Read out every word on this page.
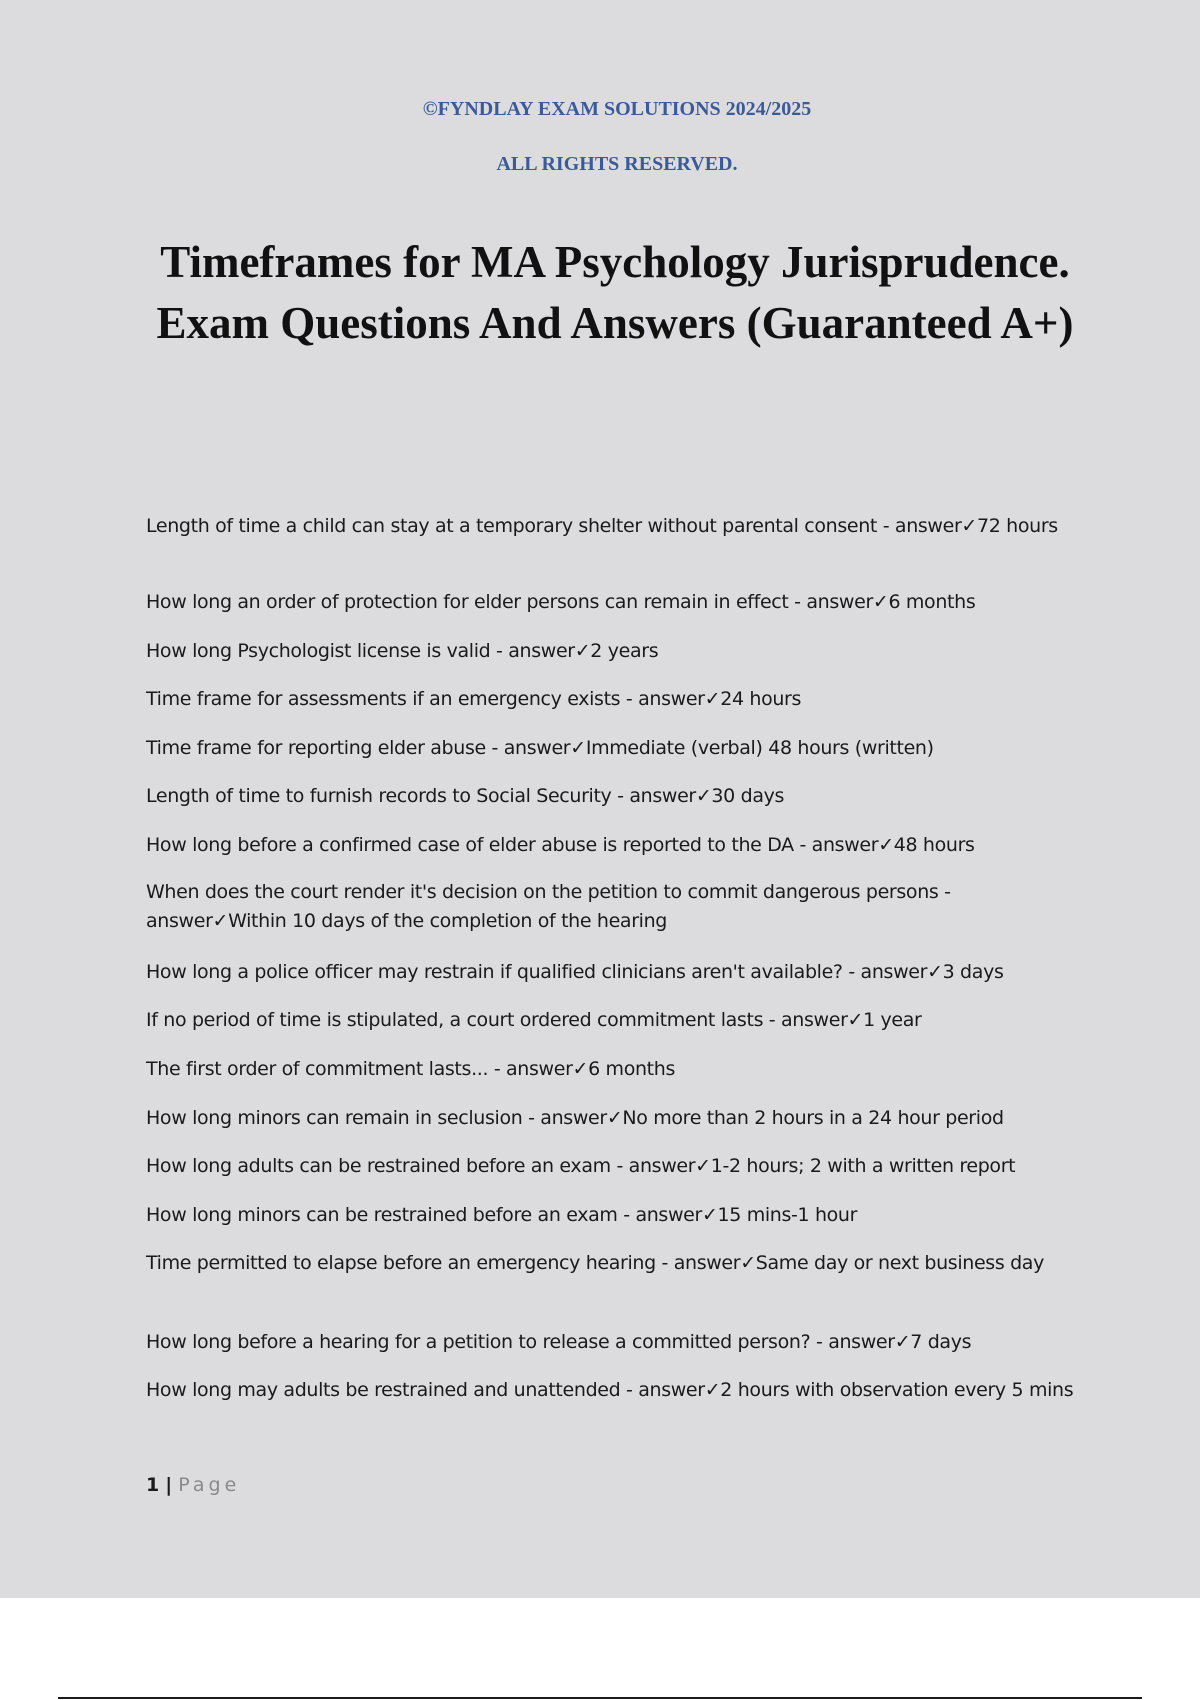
©FYNDLAY EXAM SOLUTIONS 2024/2025
ALL RIGHTS RESERVED.
Timeframes for MA Psychology Jurisprudence. Exam Questions And Answers (Guaranteed A+)
Length of time a child can stay at a temporary shelter without parental consent - answer✓72 hours
How long an order of protection for elder persons can remain in effect - answer✓6 months
How long Psychologist license is valid - answer✓2 years
Time frame for assessments if an emergency exists - answer✓24 hours
Time frame for reporting elder abuse - answer✓Immediate (verbal) 48 hours (written)
Length of time to furnish records to Social Security - answer✓30 days
How long before a confirmed case of elder abuse is reported to the DA - answer✓48 hours
When does the court render it's decision on the petition to commit dangerous persons - answer✓Within 10 days of the completion of the hearing
How long a police officer may restrain if qualified clinicians aren't available? - answer✓3 days
If no period of time is stipulated, a court ordered commitment lasts - answer✓1 year
The first order of commitment lasts... - answer✓6 months
How long minors can remain in seclusion - answer✓No more than 2 hours in a 24 hour period
How long adults can be restrained before an exam - answer✓1-2 hours; 2 with a written report
How long minors can be restrained before an exam - answer✓15 mins-1 hour
Time permitted to elapse before an emergency hearing - answer✓Same day or next business day
How long before a hearing for a petition to release a committed person? - answer✓7 days
How long may adults be restrained and unattended - answer✓2 hours with observation every 5 mins
1 | Page
